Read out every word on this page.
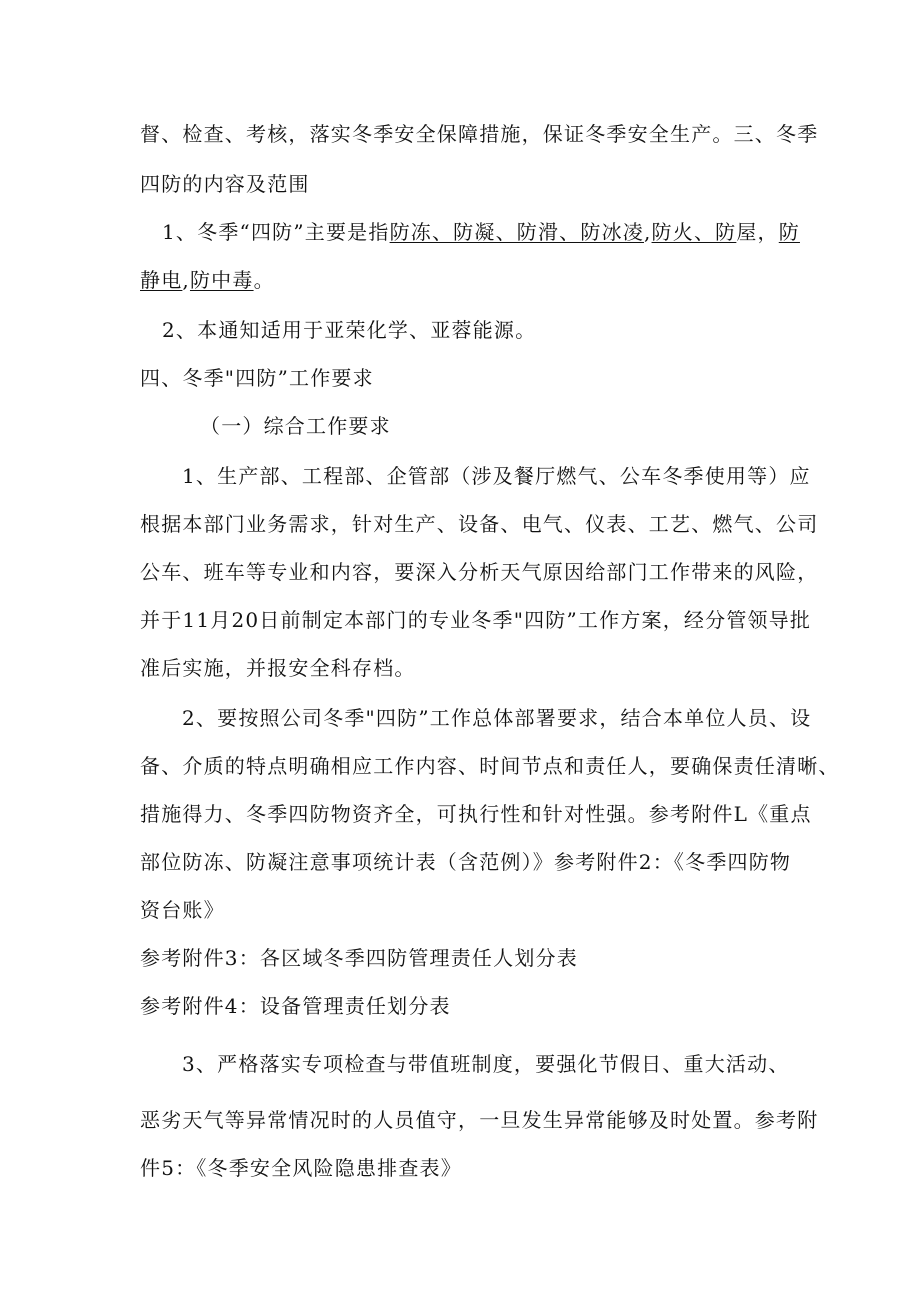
督、检查、考核，落实冬季安全保障措施，保证冬季安全生产。三、冬季

四防的内容及范围

1、冬季“四防”主要是指防冻、防凝、防滑、防冰凌,防火、防屋，防

静电,防中毒。

2、本通知适用于亚荣化学、亚蓉能源。

四、冬季"四防”工作要求

（一）综合工作要求

1、生产部、工程部、企管部（涉及餐厅燃气、公车冬季使用等）应

根据本部门业务需求，针对生产、设备、电气、仪表、工艺、燃气、公司

公车、班车等专业和内容，要深入分析天气原因给部门工作带来的风险，

并于11月20日前制定本部门的专业冬季"四防”工作方案，经分管领导批

准后实施，并报安全科存档。

2、要按照公司冬季"四防”工作总体部署要求，结合本单位人员、设

备、介质的特点明确相应工作内容、时间节点和责任人，要确保责任清晰、

措施得力、冬季四防物资齐全，可执行性和针对性强。参考附件L《重点

部位防冻、防凝注意事项统计表（含范例）》参考附件2：《冬季四防物

资台账》

参考附件3：各区域冬季四防管理责任人划分表

参考附件4：设备管理责任划分表

3、严格落实专项检查与带值班制度，要强化节假日、重大活动、

恶劣天气等异常情况时的人员值守，一旦发生异常能够及时处置。参考附

件5：《冬季安全风险隐患排查表》
